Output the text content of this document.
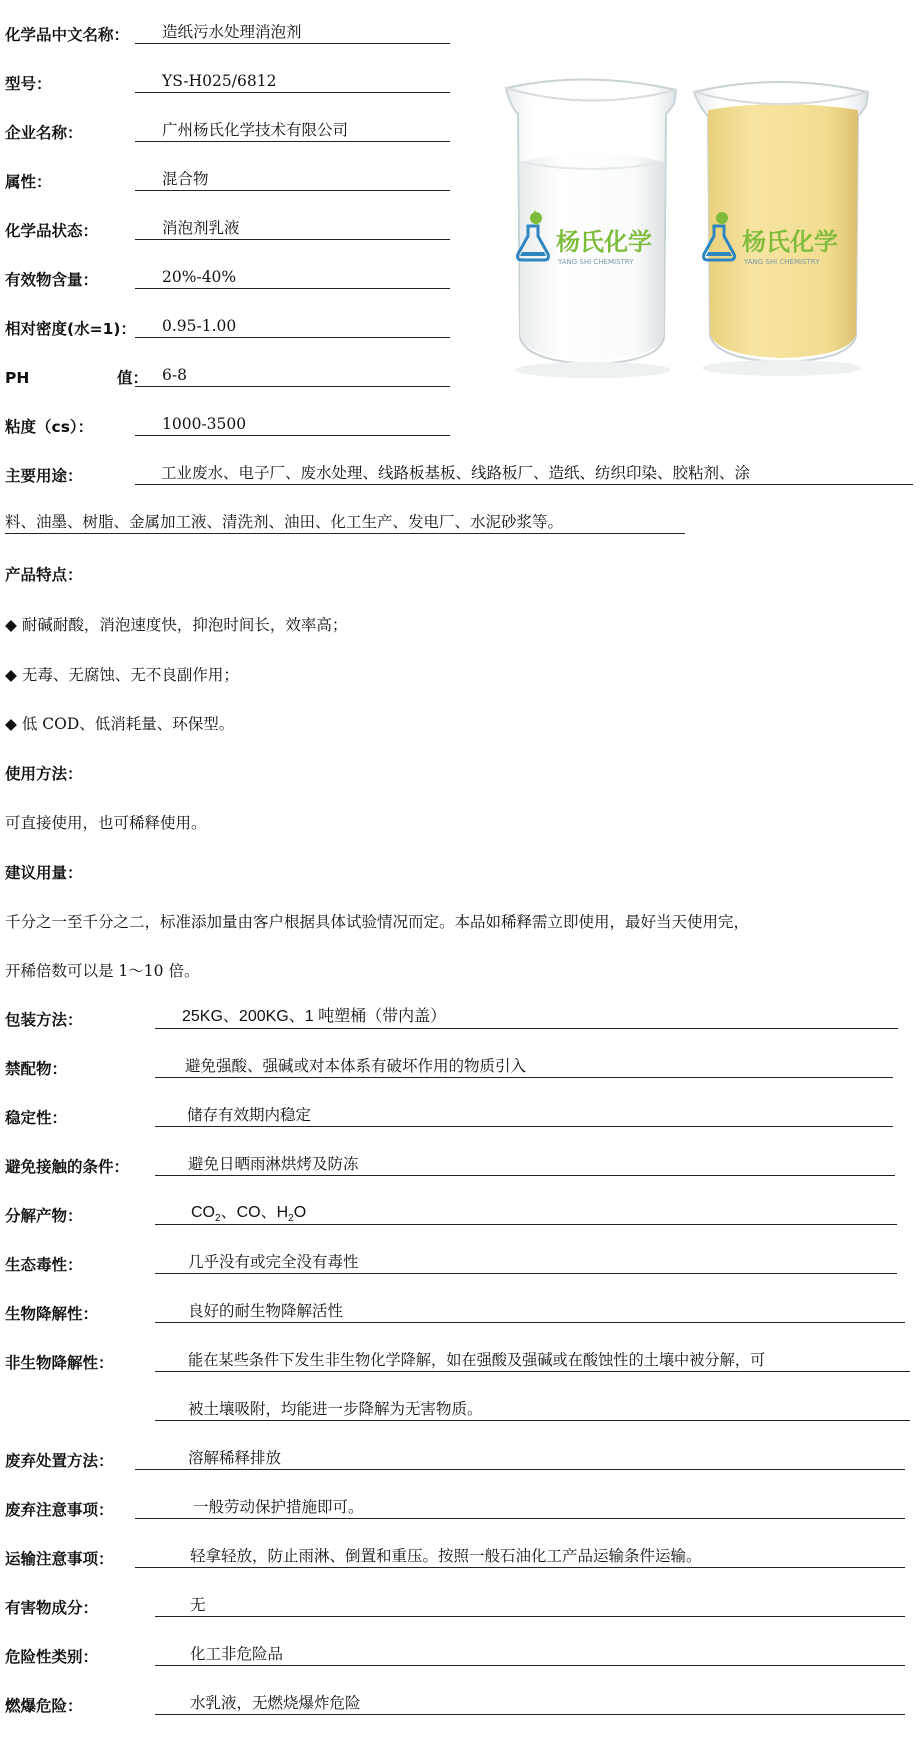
杨氏化学
YANG SHI CHEMISTRY
杨氏化学
YANG SHI CHEMISTRY
化学品中文名称：	造纸污水处理消泡剂
型号：	YS-H025/6812
企业名称：	广州杨氏化学技术有限公司
属性：	混合物
化学品状态：	消泡剂乳液
有效物含量：	20%-40%
相对密度(水=1)：	0.95-1.00
PH	值： 6-8
粘度（cs）：	1000-3500
主要用途：	工业废水、电子厂、废水处理、线路板基板、线路板厂、造纸、纺织印染、胶粘剂、涂
料、油墨、树脂、金属加工液、清洗剂、油田、化工生产、发电厂、水泥砂浆等。
产品特点：
◆ 耐碱耐酸，消泡速度快，抑泡时间长，效率高；
◆ 无毒、无腐蚀、无不良副作用；
◆ 低 COD、低消耗量、环保型。
使用方法：
可直接使用，也可稀释使用。
建议用量：
千分之一至千分之二，标准添加量由客户根据具体试验情况而定。本品如稀释需立即使用，最好当天使用完，
开稀倍数可以是 1～10 倍。
包装方法：	25KG、200KG、1 吨塑桶（带内盖）
禁配物：	避免强酸、强碱或对本体系有破坏作用的物质引入
稳定性：	储存有效期内稳定
避免接触的条件：	避免日晒雨淋烘烤及防冻
分解产物：	$CO_2$、CO、$H_2O$
生态毒性：	几乎没有或完全没有毒性
生物降解性：	良好的耐生物降解活性
非生物降解性：	能在某些条件下发生非生物化学降解，如在强酸及强碱或在酸蚀性的土壤中被分解，可
被土壤吸附，均能进一步降解为无害物质。
废弃处置方法：	溶解稀释排放
废弃注意事项：	一般劳动保护措施即可。
运输注意事项：	轻拿轻放，防止雨淋、倒置和重压。按照一般石油化工产品运输条件运输。
有害物成分：	无
危险性类别：	化工非危险品
燃爆危险：	水乳液，无燃烧爆炸危险
